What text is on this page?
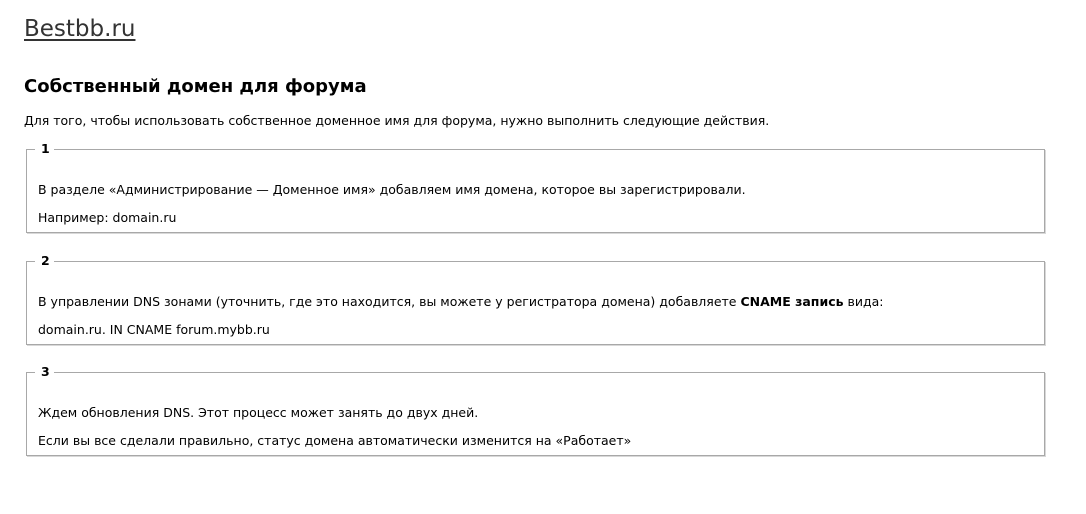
Bestbb.ru
Собственный домен для форума

Для того, чтобы использовать собственное доменное имя для форума, нужно выполнить следующие действия.

1

В разделе «Администрирование — Доменное имя» добавляем имя домена, которое вы зарегистрировали.

Например: domain.ru

2

В управлении DNS зонами (уточнить, где это находится, вы можете у регистратора домена) добавляете CNAME запись вида:

domain.ru. IN CNAME forum.mybb.ru

3

Ждем обновления DNS. Этот процесс может занять до двух дней.

Если вы все сделали правильно, статус домена автоматически изменится на «Работает»
